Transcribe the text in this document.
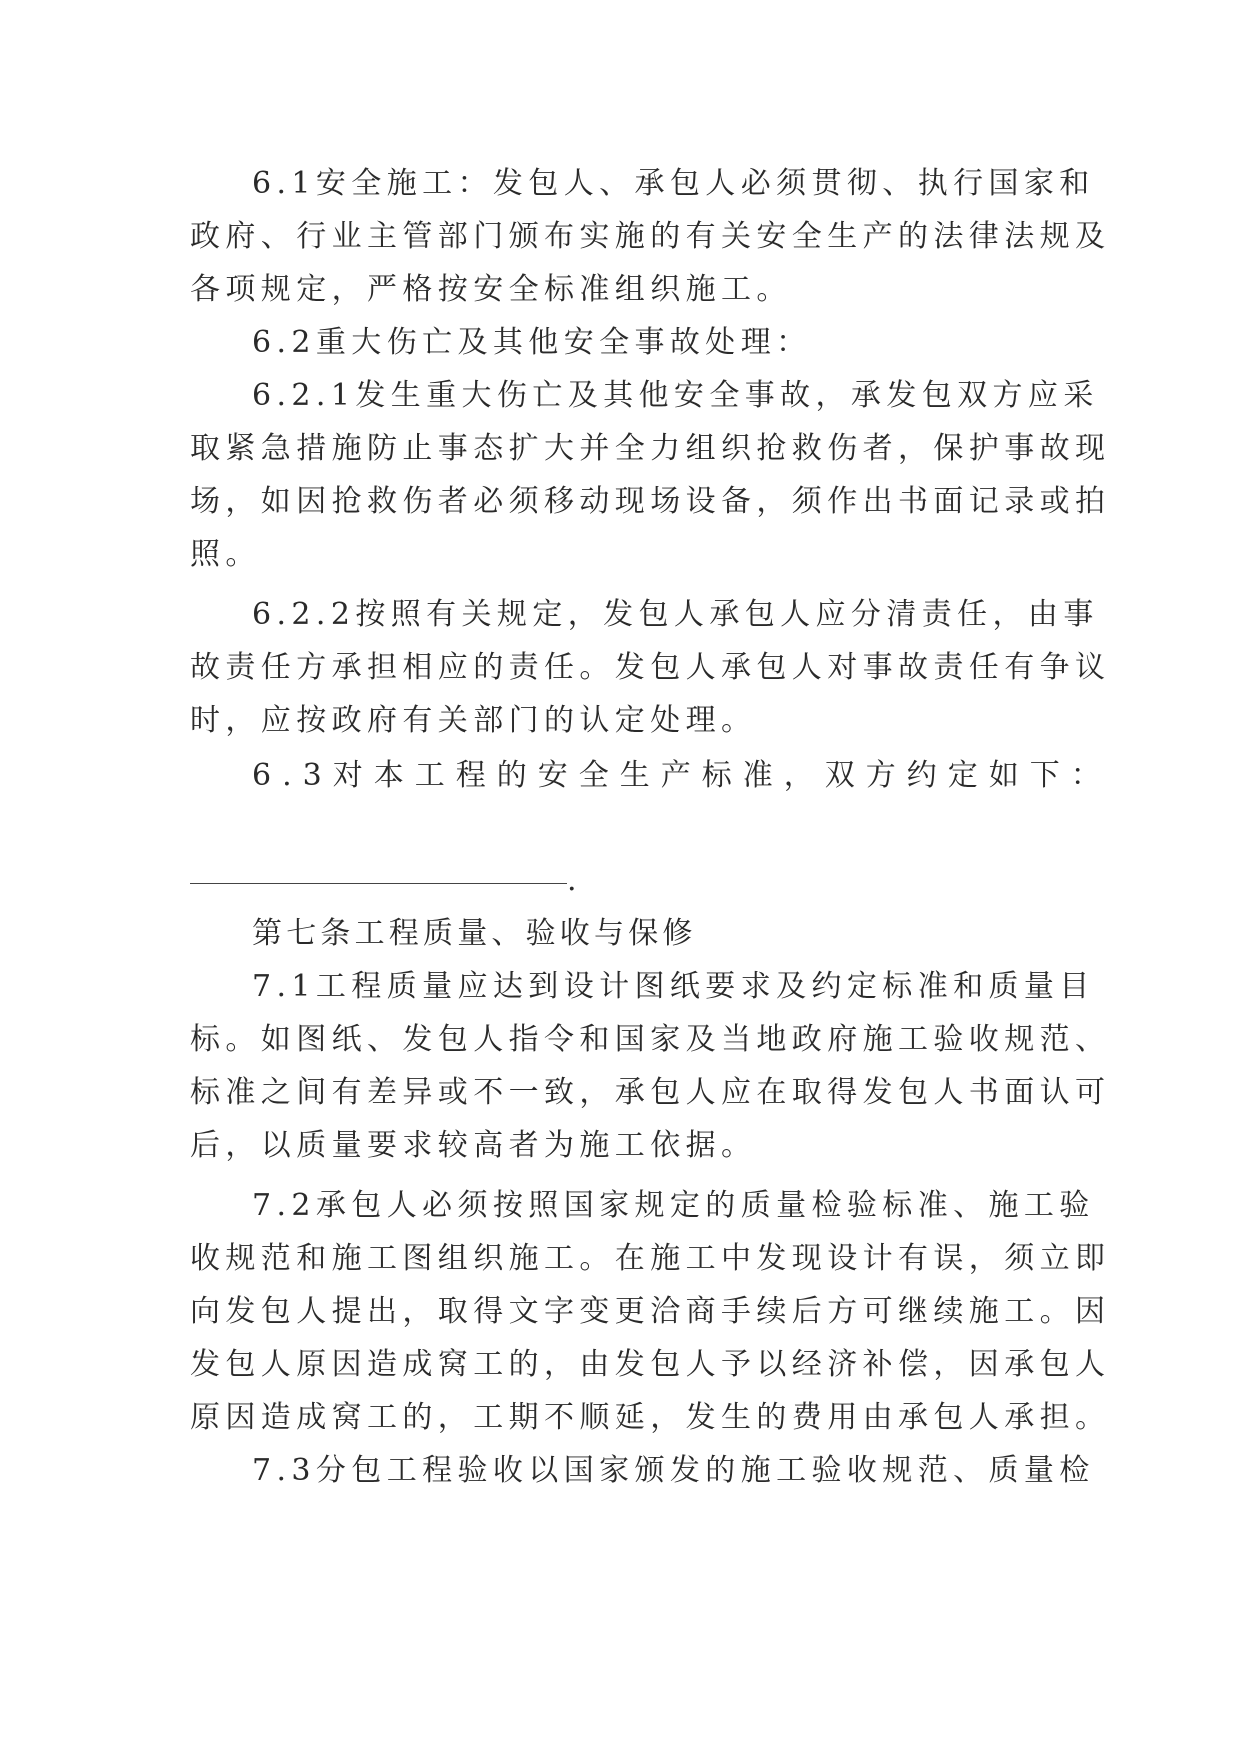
6.1安全施工：发包人、承包人必须贯彻、执行国家和
政府、行业主管部门颁布实施的有关安全生产的法律法规及
各项规定，严格按安全标准组织施工。
6.2重大伤亡及其他安全事故处理：
6.2.1发生重大伤亡及其他安全事故，承发包双方应采
取紧急措施防止事态扩大并全力组织抢救伤者，保护事故现
场，如因抢救伤者必须移动现场设备，须作出书面记录或拍
照。
6.2.2按照有关规定，发包人承包人应分清责任，由事
故责任方承担相应的责任。发包人承包人对事故责任有争议
时，应按政府有关部门的认定处理。
6.3对本工程的安全生产标准，双方约定如下：
.
第七条工程质量、验收与保修
7.1工程质量应达到设计图纸要求及约定标准和质量目
标。如图纸、发包人指令和国家及当地政府施工验收规范、
标准之间有差异或不一致，承包人应在取得发包人书面认可
后，以质量要求较高者为施工依据。
7.2承包人必须按照国家规定的质量检验标准、施工验
收规范和施工图组织施工。在施工中发现设计有误，须立即
向发包人提出，取得文字变更洽商手续后方可继续施工。因
发包人原因造成窝工的，由发包人予以经济补偿，因承包人
原因造成窝工的，工期不顺延，发生的费用由承包人承担。
7.3分包工程验收以国家颁发的施工验收规范、质量检
